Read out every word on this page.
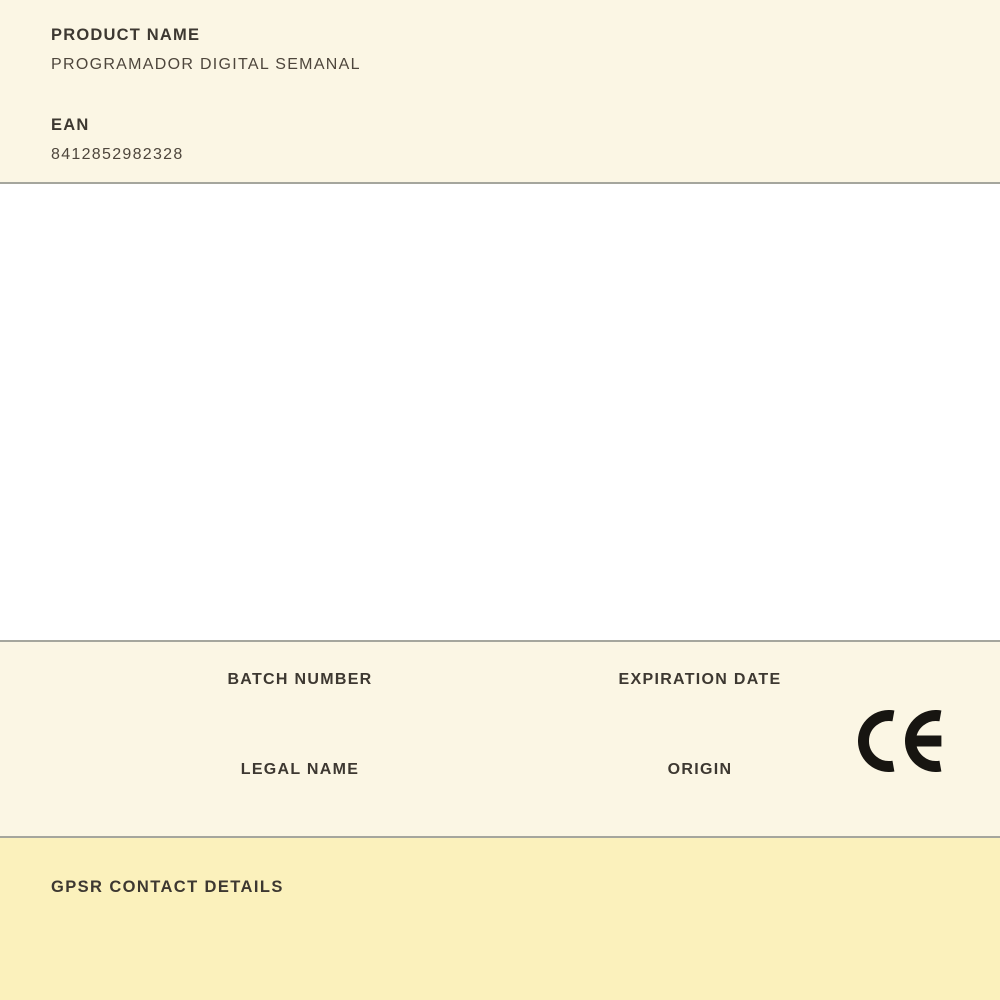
PRODUCT NAME
PROGRAMADOR DIGITAL SEMANAL
EAN
8412852982328
BATCH NUMBER	EXPIRATION DATE
LEGAL NAME	ORIGIN
GPSR CONTACT DETAILS
